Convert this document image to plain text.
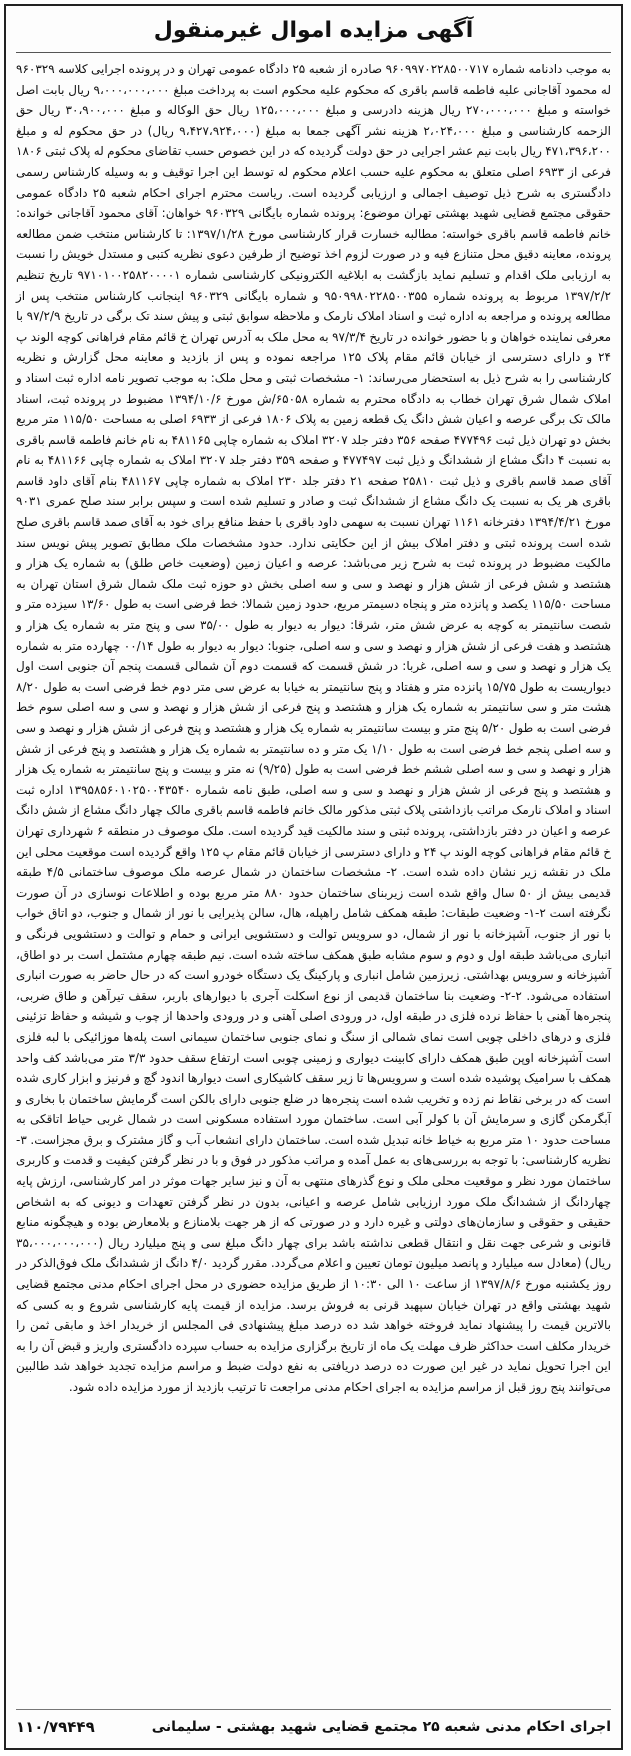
آگهی مزایده اموال غیرمنقول

به موجب دادنامه شماره ۹۶۰۹۹۷۰۲۲۸۵۰۰۷۱۷ صادره از شعبه ۲۵ دادگاه عمومی تهران و در پرونده اجرایی کلاسه ۹۶۰۳۲۹ له محمود آقاجانی علیه فاطمه قاسم باقری که محکوم علیه محکوم است به پرداخت مبلغ ۹،۰۰۰،۰۰۰،۰۰۰ ریال بابت اصل خواسته و مبلغ ۲۷۰،۰۰۰،۰۰۰ ریال هزینه دادرسی و مبلغ ۱۲۵،۰۰۰،۰۰۰ ریال حق الوکاله و مبلغ ۳۰،۹۰۰،۰۰۰ ریال حق الزحمه کارشناسی و مبلغ ۲،۰۲۴،۰۰۰ هزینه نشر آگهی جمعا به مبلغ (۹،۴۲۷،۹۲۴،۰۰۰ ریال) در حق محکوم له و مبلغ ۴۷۱،۳۹۶،۲۰۰ ریال بابت نیم عشر اجرایی در حق دولت گردیده که در این خصوص حسب تقاضای محکوم له پلاک ثبتی ۱۸۰۶ فرعی از ۶۹۳۳ اصلی متعلق به محکوم علیه حسب اعلام محکوم له توسط این اجرا توقیف و به وسیله کارشناس رسمی دادگستری به شرح ذیل توصیف اجمالی و ارزیابی گردیده است. ریاست محترم اجرای احکام شعبه ۲۵ دادگاه عمومی حقوقی مجتمع قضایی شهید بهشتی تهران موضوع: پرونده شماره بایگانی ۹۶۰۳۲۹ خواهان: آقای محمود آقاجانی خوانده: خانم فاطمه قاسم باقری خواسته: مطالبه خسارت قرار کارشناسی مورخ ۱۳۹۷/۱/۲۸: تا کارشناس منتخب ضمن مطالعه پرونده، معاینه دقیق محل متنازع فیه و در صورت لزوم اخذ توضیح از طرفین دعوی نظریه کتبی و مستدل خویش را نسبت به ارزیابی ملک اقدام و تسلیم نماید بازگشت به ابلاغیه الکترونیکی کارشناسی شماره ۹۷۱۰۱۰۰۲۵۸۲۰۰۰۰۱ تاریخ تنظیم ۱۳۹۷/۲/۲ مربوط به پرونده شماره ۹۵۰۹۹۸۰۲۲۸۵۰۰۳۵۵ و شماره بایگانی ۹۶۰۳۲۹ اینجانب کارشناس منتخب پس از مطالعه پرونده و مراجعه به اداره ثبت و اسناد املاک نارمک و ملاحظه سوابق ثبتی و پیش سند تک برگی در تاریخ ۹۷/۲/۹ با معرفی نماینده خواهان و با حضور خوانده در تاریخ ۹۷/۳/۴ به محل ملک به آدرس تهران خ قائم مقام فراهانی کوچه الوند پ ۲۴ و دارای دسترسی از خیابان قائم مقام پلاک ۱۲۵ مراجعه نموده و پس از بازدید و معاینه محل گزارش و نظریه کارشناسی را به شرح ذیل به استحضار می‌رساند: ۱- مشخصات ثبتی و محل ملک: به موجب تصویر نامه اداره ثبت اسناد و املاک شمال شرق تهران خطاب به دادگاه محترم به شماره ۶۵۰۵۸/ش مورخ ۱۳۹۴/۱۰/۶ مضبوط در پرونده ثبت، اسناد مالک تک برگی عرصه و اعیان شش دانگ یک قطعه زمین به پلاک ۱۸۰۶ فرعی از ۶۹۳۳ اصلی به مساحت ۱۱۵/۵۰ متر مربع بخش دو تهران ذیل ثبت ۴۷۷۴۹۶ صفحه ۳۵۶ دفتر جلد ۳۲۰۷ املاک به شماره چاپی ۴۸۱۱۶۵ به نام خانم فاطمه قاسم باقری به نسبت ۴ دانگ مشاع از ششدانگ و ذیل ثبت ۴۷۷۴۹۷ و صفحه ۳۵۹ دفتر جلد ۳۲۰۷ املاک به شماره چاپی ۴۸۱۱۶۶ به نام آقای صمد قاسم باقری و ذیل ثبت ۲۵۸۱۰ صفحه ۲۱ دفتر جلد ۲۳۰ املاک به شماره چاپی ۴۸۱۱۶۷ بنام آقای داود قاسم باقری هر یک به نسبت یک دانگ مشاع از ششدانگ ثبت و صادر و تسلیم شده است و سپس برابر سند صلح عمری ۹۰۳۱ مورخ ۱۳۹۴/۴/۲۱ دفترخانه ۱۱۶۱ تهران نسبت به سهمی داود باقری با حفظ منافع برای خود به آقای صمد قاسم باقری صلح شده است پرونده ثبتی و دفتر املاک بیش از این حکایتی ندارد. حدود مشخصات ملک مطابق تصویر پیش نویس سند مالکیت مضبوط در پرونده ثبت به شرح زیر می‌باشد: عرصه و اعیان زمین (وضعیت خاص طلق) به شماره یک هزار و هشتصد و شش فرعی از شش هزار و نهصد و سی و سه اصلی بخش دو حوزه ثبت ملک شمال شرق استان تهران به مساحت ۱۱۵/۵۰ یکصد و پانزده متر و پنجاه دسیمتر مربع، حدود زمین شمالا: خط فرضی است به طول ۱۳/۶۰ سیزده متر و شصت سانتیمتر به کوچه به عرض شش متر، شرقا: دیوار به دیوار به طول ۳۵/۰۰ سی و پنج متر به شماره یک هزار و هشتصد و هفت فرعی از شش هزار و نهصد و سی و سه اصلی، جنوبا: دیوار به دیوار به طول ۰۰/۱۴ چهارده متر به شماره یک هزار و نهصد و سی و سه اصلی، غربا: در شش قسمت که قسمت دوم آن شمالی قسمت پنجم آن جنوبی است اول دیواریست به طول ۱۵/۷۵ پانزده متر و هفتاد و پنج سانتیمتر به خیابا به عرض سی متر دوم خط فرضی است به طول ۸/۲۰ هشت متر و سی سانتیمتر به شماره یک هزار و هشتصد و پنج فرعی از شش هزار و نهصد و سی و سه اصلی سوم خط فرضی است به طول ۵/۲۰ پنج متر و بیست سانتیمتر به شماره یک هزار و هشتصد و پنج فرعی از شش هزار و نهصد و سی و سه اصلی پنجم خط فرضی است به طول ۱/۱۰ یک متر و ده سانتیمتر به شماره یک هزار و هشتصد و پنج فرعی از شش هزار و نهصد و سی و سه اصلی ششم خط فرضی است به طول (۹/۲۵) نه متر و بیست و پنج سانتیمتر به شماره یک هزار و هشتصد و پنج فرعی از شش هزار و نهصد و سی و سه اصلی، طبق نامه شماره ۱۳۹۵۸۵۶۰۱۰۲۵۰۰۴۳۵۴۰ اداره ثبت اسناد و املاک نارمک مراتب بازداشتی پلاک ثبتی مذکور مالک خانم فاطمه قاسم باقری مالک چهار دانگ مشاع از شش دانگ عرصه و اعیان در دفتر بازداشتی، پرونده ثبتی و سند مالکیت قید گردیده است. ملک موصوف در منطقه ۶ شهرداری تهران خ قائم مقام فراهانی کوچه الوند پ ۲۴ و دارای دسترسی از خیابان قائم مقام پ ۱۲۵ واقع گردیده است موقعیت محلی این ملک در نقشه زیر نشان داده شده است. ۲- مشخصات ساختمان در شمال عرصه ملک موصوف ساختمانی ۴/۵ طبقه قدیمی بیش از ۵۰ سال واقع شده است زیربنای ساختمان حدود ۸۸۰ متر مربع بوده و اطلاعات نوسازی در آن صورت نگرفته است ۲-۱- وضعیت طبقات: طبقه همکف شامل راهپله، هال، سالن پذیرایی با نور از شمال و جنوب، دو اتاق خواب با نور از جنوب، آشپزخانه با نور از شمال، دو سرویس توالت و دستشویی ایرانی و حمام و توالت و دستشویی فرنگی و انباری می‌باشد طبقه اول و دوم و سوم مشابه طبق همکف ساخته شده است. نیم طبقه چهارم مشتمل است بر دو اطاق، آشپزخانه و سرویس بهداشتی. زیرزمین شامل انباری و پارکینگ یک دستگاه خودرو است که در حال حاضر به صورت انباری استفاده می‌شود. ۲-۲- وضعیت بنا ساختمان قدیمی از نوع اسکلت آجری با دیوارهای باربر، سقف تیرآهن و طاق ضربی، پنجره‌ها آهنی با حفاظ نرده فلزی در طبقه اول، در ورودی اصلی آهنی و در ورودی واحدها از چوب و شیشه و حفاظ تزئینی فلزی و درهای داخلی چوبی است نمای شمالی از سنگ و نمای جنوبی ساختمان سیمانی است پله‌ها موزائیکی با لبه فلزی است آشپزخانه اوپن طبق همکف دارای کابینت دیواری و زمینی چوبی است ارتفاع سقف حدود ۳/۳ متر می‌باشد کف واحد همکف با سرامیک پوشیده شده است و سرویس‌ها تا زیر سقف کاشیکاری است دیوارها اندود گچ و فرنیز و ابزار کاری شده است که در برخی نقاط نم زده و تخریب شده است پنجره‌ها در ضلع جنوبی دارای بالکن است گرمایش ساختمان با بخاری و آبگرمکن گازی و سرمایش آن با کولر آبی است. ساختمان مورد استفاده مسکونی است در شمال غربی حیاط اتاقکی به مساحت حدود ۱۰ متر مربع به خیاط خانه تبدیل شده است. ساختمان دارای انشعاب آب و گاز مشترک و برق مجزاست. ۳- نظریه کارشناسی: با توجه به بررسی‌های به عمل آمده و مراتب مذکور در فوق و با در نظر گرفتن کیفیت و قدمت و کاربری ساختمان مورد نظر و موقعیت محلی ملک و نوع گذرهای منتهی به آن و نیز سایر جهات موثر در امر کارشناسی، ارزش پایه چهاردانگ از ششدانگ ملک مورد ارزیابی شامل عرصه و اعیانی، بدون در نظر گرفتن تعهدات و دیونی که به اشخاص حقیقی و حقوقی و سازمان‌های دولتی و غیره دارد و در صورتی که از هر جهت بلامنازع و بلامعارض بوده و هیچگونه منابع قانونی و شرعی جهت نقل و انتقال قطعی نداشته باشد برای چهار دانگ مبلغ سی و پنج میلیارد ریال (۳۵،۰۰۰،۰۰۰،۰۰۰ ریال) (معادل سه میلیارد و پانصد میلیون تومان تعیین و اعلام می‌گردد. مقرر گردید ۴/۰ دانگ از ششدانگ ملک فوق‌الذکر در روز یکشنبه مورخ ۱۳۹۷/۸/۶ از ساعت ۱۰ الی ۱۰:۳۰ از طریق مزایده حضوری در محل اجرای احکام مدنی مجتمع قضایی شهید بهشتی واقع در تهران خیابان سپهبد قرنی به فروش برسد. مزایده از قیمت پایه کارشناسی شروع و به کسی که بالاترین قیمت را پیشنهاد نماید فروخته خواهد شد ده درصد مبلغ پیشنهادی فی المجلس از خریدار اخذ و مابقی ثمن را خریدار مکلف است حداکثر ظرف مهلت یک ماه از تاریخ برگزاری مزایده به حساب سپرده دادگستری واریز و قبض آن را به این اجرا تحویل نماید در غیر این صورت ده درصد دریافتی به نفع دولت ضبط و مراسم مزایده تجدید خواهد شد طالبین می‌توانند پنج روز قبل از مراسم مزایده به اجرای احکام مدنی مراجعت تا ترتیب بازدید از مورد مزایده داده شود.

اجرای احکام مدنی شعبه ۲۵ مجتمع قضایی شهید بهشتی - سلیمانی
۱۱۰/۷۹۴۴۹
